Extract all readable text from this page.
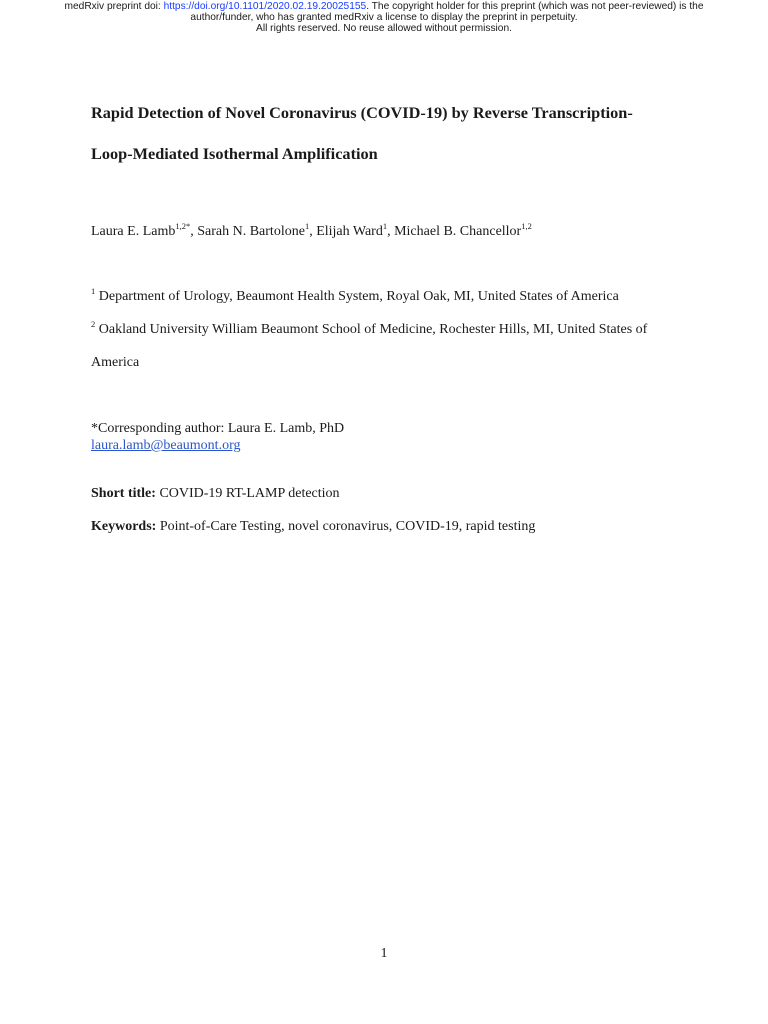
medRxiv preprint doi: https://doi.org/10.1101/2020.02.19.20025155. The copyright holder for this preprint (which was not peer-reviewed) is the
author/funder, who has granted medRxiv a license to display the preprint in perpetuity.
All rights reserved. No reuse allowed without permission.
Rapid Detection of Novel Coronavirus (COVID-19) by Reverse Transcription-
Loop-Mediated Isothermal Amplification
Laura E. Lamb$^{1,2*}$, Sarah N. Bartolone$^1$, Elijah Ward$^1$, Michael B. Chancellor$^{1,2}$
$^1$ Department of Urology, Beaumont Health System, Royal Oak, MI, United States of America
$^2$ Oakland University William Beaumont School of Medicine, Rochester Hills, MI, United States of
America
*Corresponding author: Laura E. Lamb, PhD
laura.lamb@beaumont.org
Short title: COVID-19 RT-LAMP detection
Keywords: Point-of-Care Testing, novel coronavirus, COVID-19, rapid testing
1
